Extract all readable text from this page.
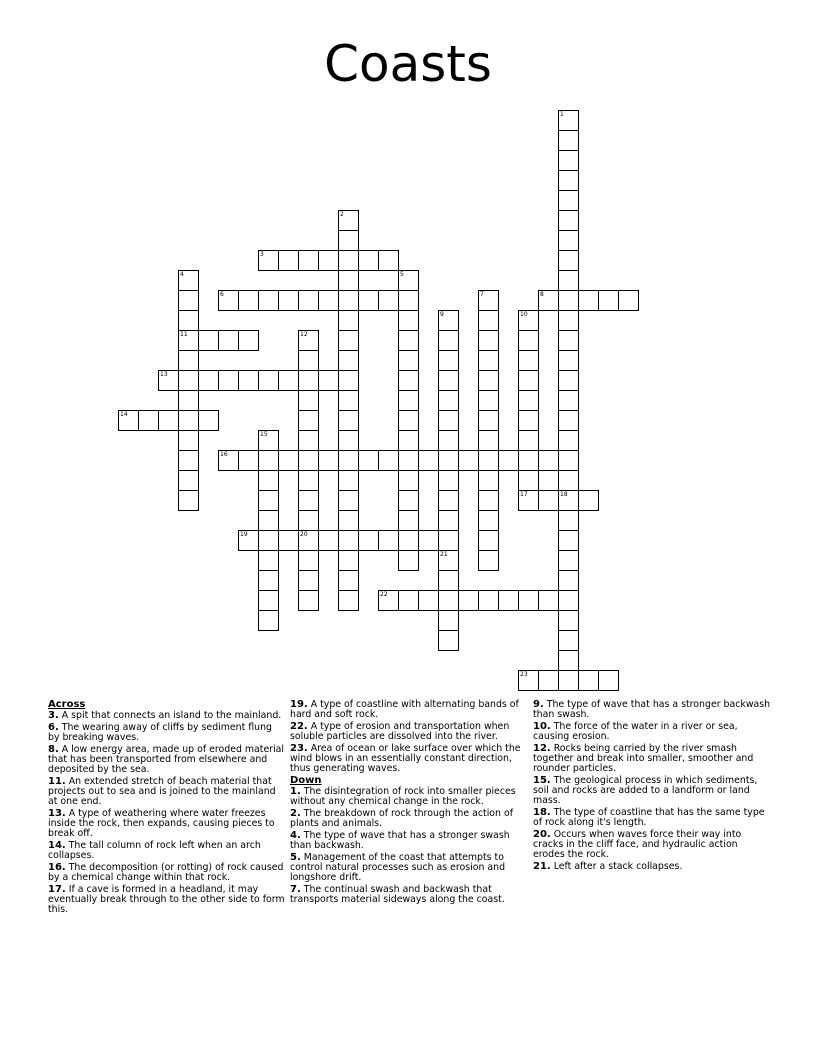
Coasts
1
18
2
3
4
11
5
6	7	8
9	10
12
20
13
14
15
16
17
19
21
22
23
Across
3. A spit that connects an island to the mainland.
6. The wearing away of cliffs by sediment flung by breaking waves.
8. A low energy area, made up of eroded material that has been transported from elsewhere and deposited by the sea.
11. An extended stretch of beach material that projects out to sea and is joined to the mainland at one end.
13. A type of weathering where water freezes inside the rock, then expands, causing pieces to break off.
14. The tall column of rock left when an arch collapses.
16. The decomposition (or rotting) of rock caused by a chemical change within that rock.
17. If a cave is formed in a headland, it may eventually break through to the other side to form this.
19. A type of coastline with alternating bands of hard and soft rock.
22. A type of erosion and transportation when soluble particles are dissolved into the river.
23. Area of ocean or lake surface over which the wind blows in an essentially constant direction, thus generating waves.
Down
1. The disintegration of rock into smaller pieces without any chemical change in the rock.
2. The breakdown of rock through the action of plants and animals.
4. The type of wave that has a stronger swash than backwash.
5. Management of the coast that attempts to control natural processes such as erosion and longshore drift.
7. The continual swash and backwash that transports material sideways along the coast.
9. The type of wave that has a stronger backwash than swash.
10. The force of the water in a river or sea, causing erosion.
12. Rocks being carried by the river smash together and break into smaller, smoother and rounder particles.
15. The geological process in which sediments, soil and rocks are added to a landform or land mass.
18. The type of coastline that has the same type of rock along it's length.
20. Occurs when waves force their way into cracks in the cliff face, and hydraulic action erodes the rock.
21. Left after a stack collapses.
